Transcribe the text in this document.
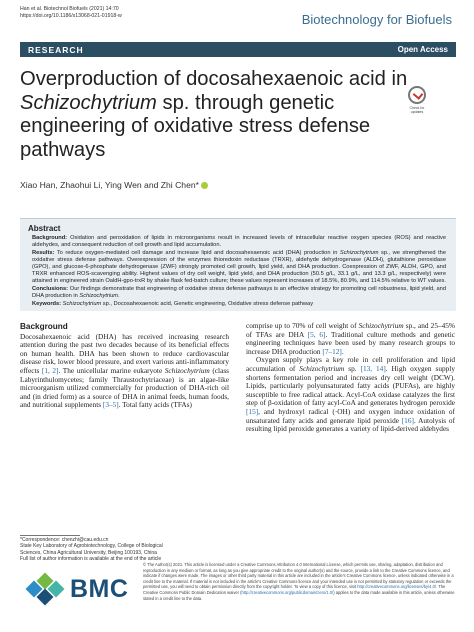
Han et al. Biotechnol Biofuels (2021) 14:70
https://doi.org/10.1186/s13068-021-01918-w	Biotechnology for Biofuels
RESEARCH	Open Access
Overproduction of docosahexaenoic acid in Schizochytrium sp. through genetic engineering of oxidative stress defense pathways
Check for
updates
Xiao Han, Zhaohui Li, Ying Wen and Zhi Chen*
Abstract

Background: Oxidation and peroxidation of lipids in microorganisms result in increased levels of intracellular reactive oxygen species (ROS) and reactive aldehydes, and consequent reduction of cell growth and lipid accumulation.

Results: To reduce oxygen-mediated cell damage and increase lipid and docosahexaenoic acid (DHA) production in Schizochytrium sp., we strengthened the oxidative stress defense pathways. Overexpression of the enzymes thioredoxin reductase (TRXR), aldehyde dehydrogenase (ALDH), glutathione peroxidase (GPO), and glucose-6-phosphate dehydrogenase (ZWF) strongly promoted cell growth, lipid yield, and DHA production. Coexpression of ZWF, ALDH, GPO, and TRXR enhanced ROS-scavenging ability. Highest values of dry cell weight, lipid yield, and DHA production (50.5 g/L, 33.1 g/L, and 13.3 g/L, respectively) were attained in engineered strain OaldH-gpo-trxR by shake flask fed-batch culture; these values represent increases of 18.5%, 80.9%, and 114.5% relative to WT values.

Conclusions: Our findings demonstrate that engineering of oxidative stress defense pathways is an effective strategy for promoting cell robustness, lipid yield, and DHA production in Schizochytrium.

Keywords: Schizochytrium sp., Docosahexaenoic acid, Genetic engineering, Oxidative stress defense pathway

Background

Docosahexaenoic acid (DHA) has received increasing research attention during the past two decades because of its beneficial effects on human health. DHA has been shown to reduce cardiovascular disease risk, lower blood pressure, and exert various anti-inflammatory effects [1, 2]. The unicellular marine eukaryote Schizochytrium (class Labyrinthulomycetes; family Thraustochytriaceae) is an algae-like microorganism utilized commercially for production of DHA-rich oil and (in dried form) as a source of DHA in animal feeds, human foods, and nutritional supplements [3–5]. Total fatty acids (TFAs)

comprise up to 70% of cell weight of Schizochytrium sp., and 25–45% of TFAs are DHA [5, 6]. Traditional culture methods and genetic engineering techniques have been used by many research groups to increase DHA production [7–12].

Oxygen supply plays a key role in cell proliferation and lipid accumulation of Schizochytrium sp. [13, 14]. High oxygen supply shortens fermentation period and increases dry cell weight (DCW). Lipids, particularly polyunsaturated fatty acids (PUFAs), are highly susceptible to free radical attack. Acyl-CoA oxidase catalyzes the first step of β-oxidation of fatty acyl-CoA and generates hydrogen peroxide [15], and hydroxyl radical (·OH) and oxygen induce oxidation of unsaturated fatty acids and generate lipid peroxide [16]. Autolysis of resulting lipid peroxide generates a variety of lipid-derived aldehydes

*Correspondence: chenzhi@cau.edu.cn
State Key Laboratory of Agrobiotechnology, College of Biological
Sciences, China Agricultural University, Beijing 100193, China
Full list of author information is available at the end of the article
BMC
© The Author(s) 2021. This article is licensed under a Creative Commons Attribution 4.0 International License, which permits use, sharing, adaptation, distribution and reproduction in any medium or format, as long as you give appropriate credit to the original author(s) and the source, provide a link to the Creative Commons licence, and indicate if changes were made. The images or other third party material in this article are included in the article's Creative Commons licence, unless indicated otherwise in a credit line to the material. If material is not included in the article's Creative Commons licence and your intended use is not permitted by statutory regulation or exceeds the permitted use, you will need to obtain permission directly from the copyright holder. To view a copy of this licence, visit http://creativecommons.org/licenses/by/4.0/. The Creative Commons Public Domain Dedication waiver (http://creativecommons.org/publicdomain/zero/1.0/) applies to the data made available in this article, unless otherwise stated in a credit line to the data.
